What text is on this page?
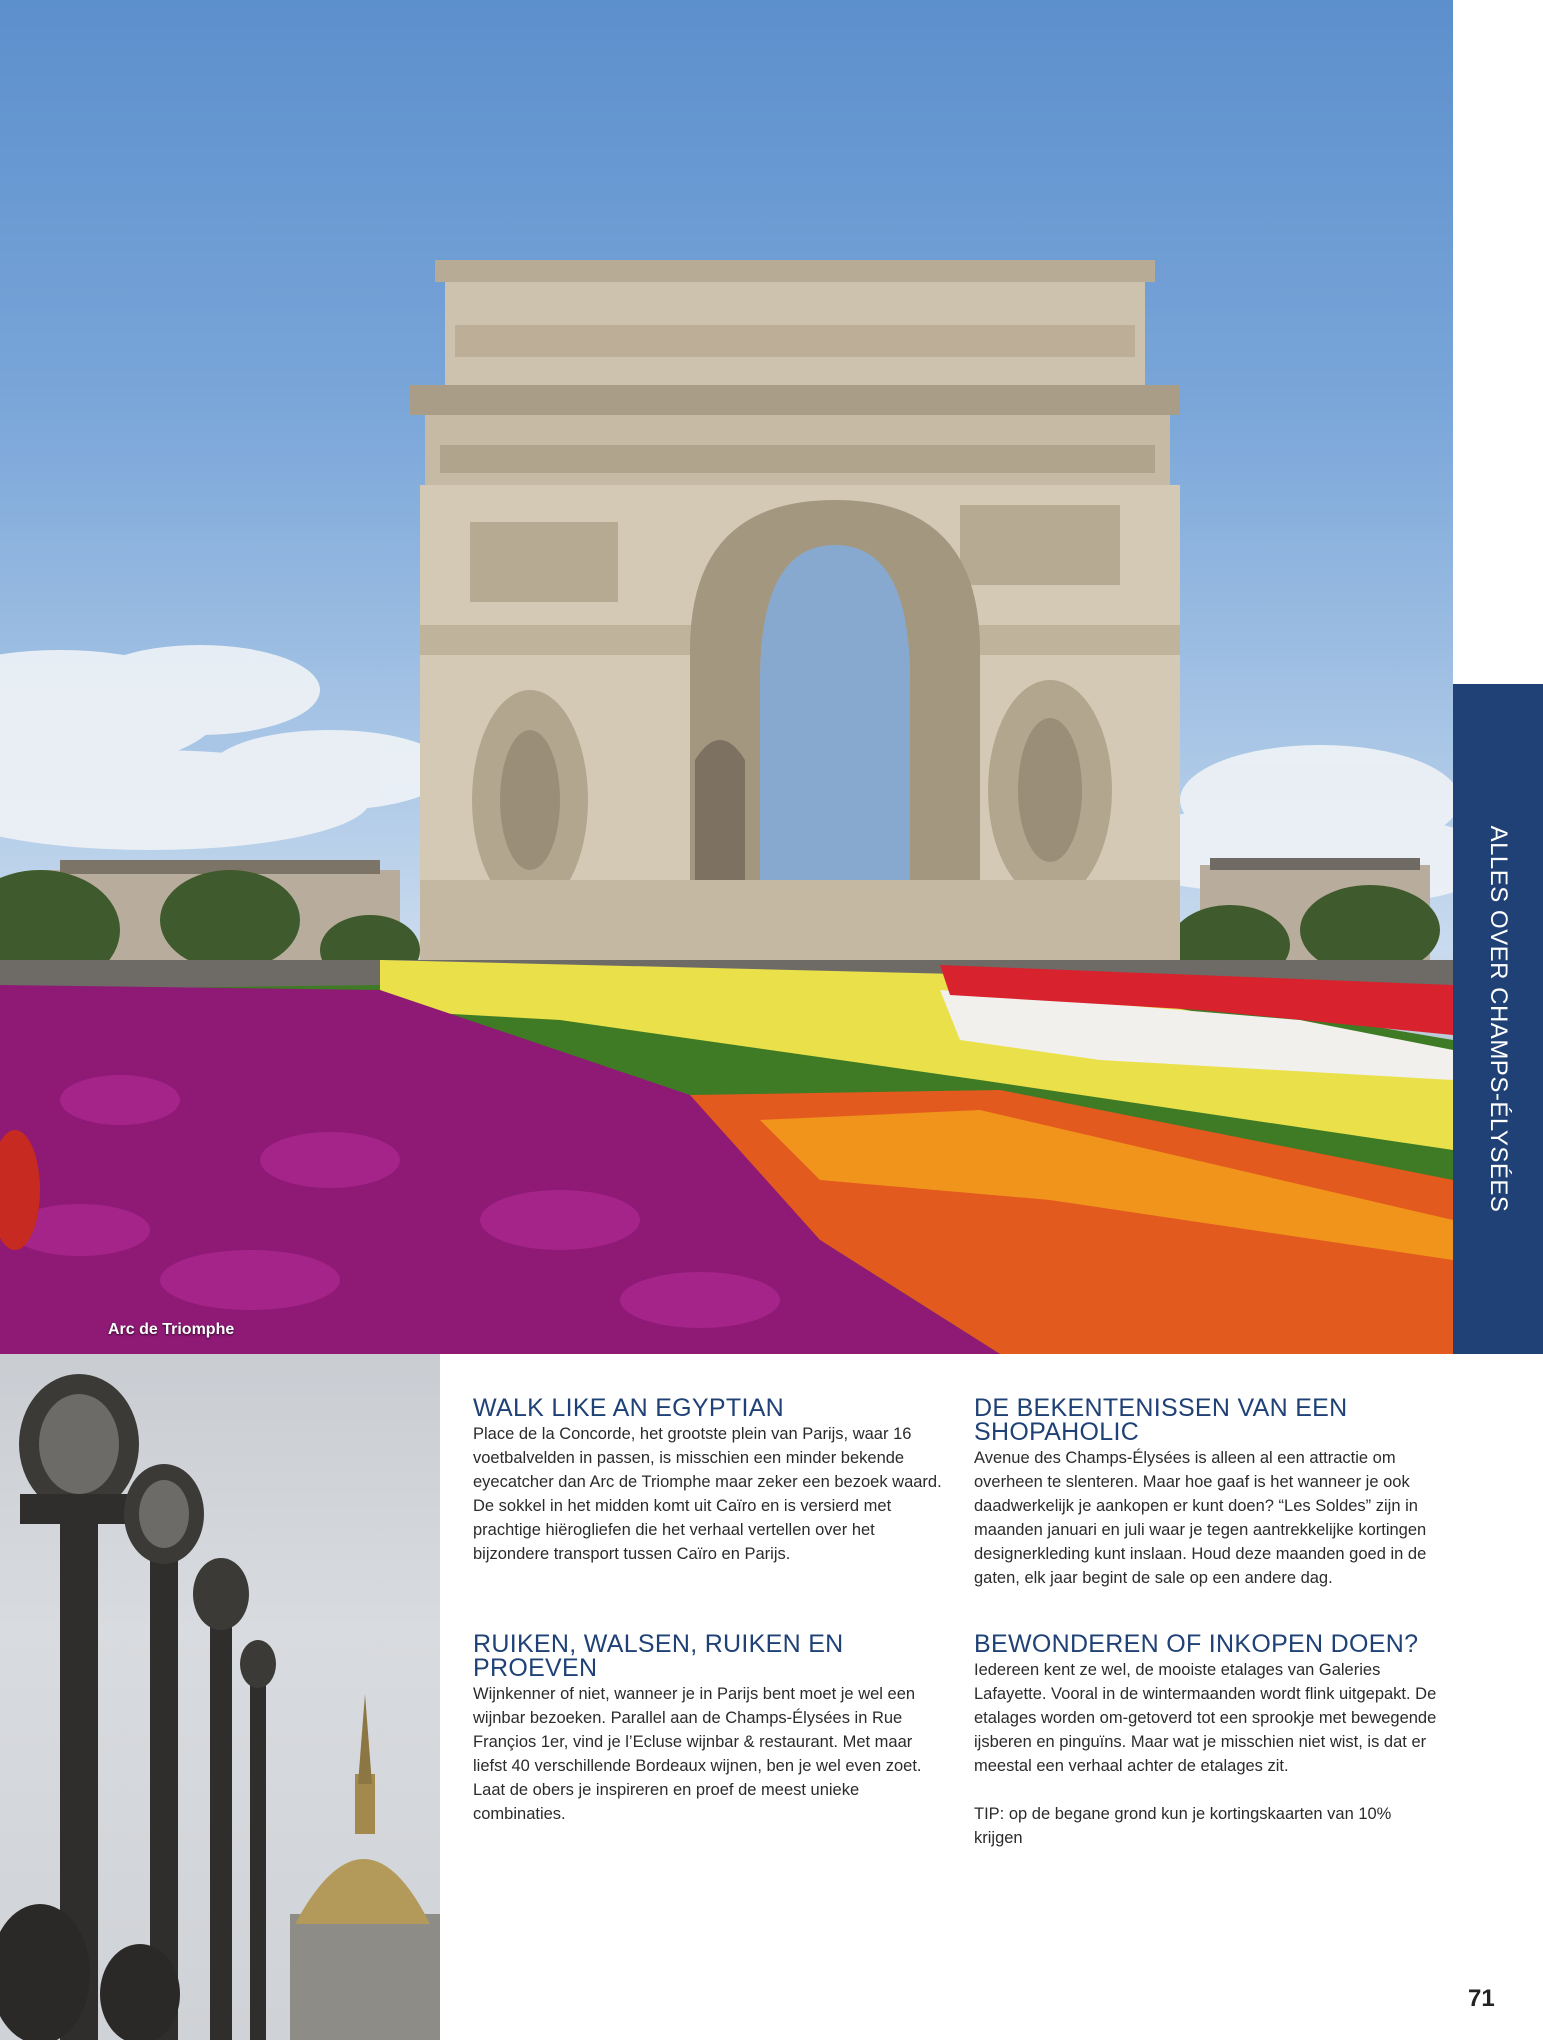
Arc de Triomphe
ALLES OVER CHAMPS-ÉLYSÉES
WALK LIKE AN EGYPTIAN

Place de la Concorde, het grootste plein van Parijs, waar 16 voetbalvelden in passen, is misschien een minder bekende eyecatcher dan Arc de Triomphe maar zeker een bezoek waard. De sokkel in het midden komt uit Caïro en is versierd met prachtige hiërogliefen die het verhaal vertellen over het bijzondere transport tussen Caïro en Parijs.

DE BEKENTENISSEN VAN EEN SHOPAHOLIC

Avenue des Champs-Élysées is alleen al een attractie om overheen te slenteren. Maar hoe gaaf is het wanneer je ook daadwerkelijk je aankopen er kunt doen? “Les Soldes” zijn in maanden januari en juli waar je tegen aantrekkelijke kortingen designerkleding kunt inslaan. Houd deze maanden goed in de gaten, elk jaar begint de sale op een andere dag.

RUIKEN, WALSEN, RUIKEN EN PROEVEN

Wijnkenner of niet, wanneer je in Parijs bent moet je wel een wijnbar bezoeken. Parallel aan de Champs-Élysées in Rue Françios 1er, vind je l’Ecluse wijnbar & restaurant. Met maar liefst 40 verschillende Bordeaux wijnen, ben je wel even zoet. Laat de obers je inspireren en proef de meest unieke combinaties.

BEWONDEREN OF INKOPEN DOEN?

Iedereen kent ze wel, de mooiste etalages van Galeries Lafayette. Vooral in de wintermaanden wordt flink uitgepakt. De etalages worden om-getoverd tot een sprookje met bewegende ijsberen en pinguïns. Maar wat je misschien niet wist, is dat er meestal een verhaal achter de etalages zit.

TIP: op de begane grond kun je kortingskaarten van 10% krijgen

71
